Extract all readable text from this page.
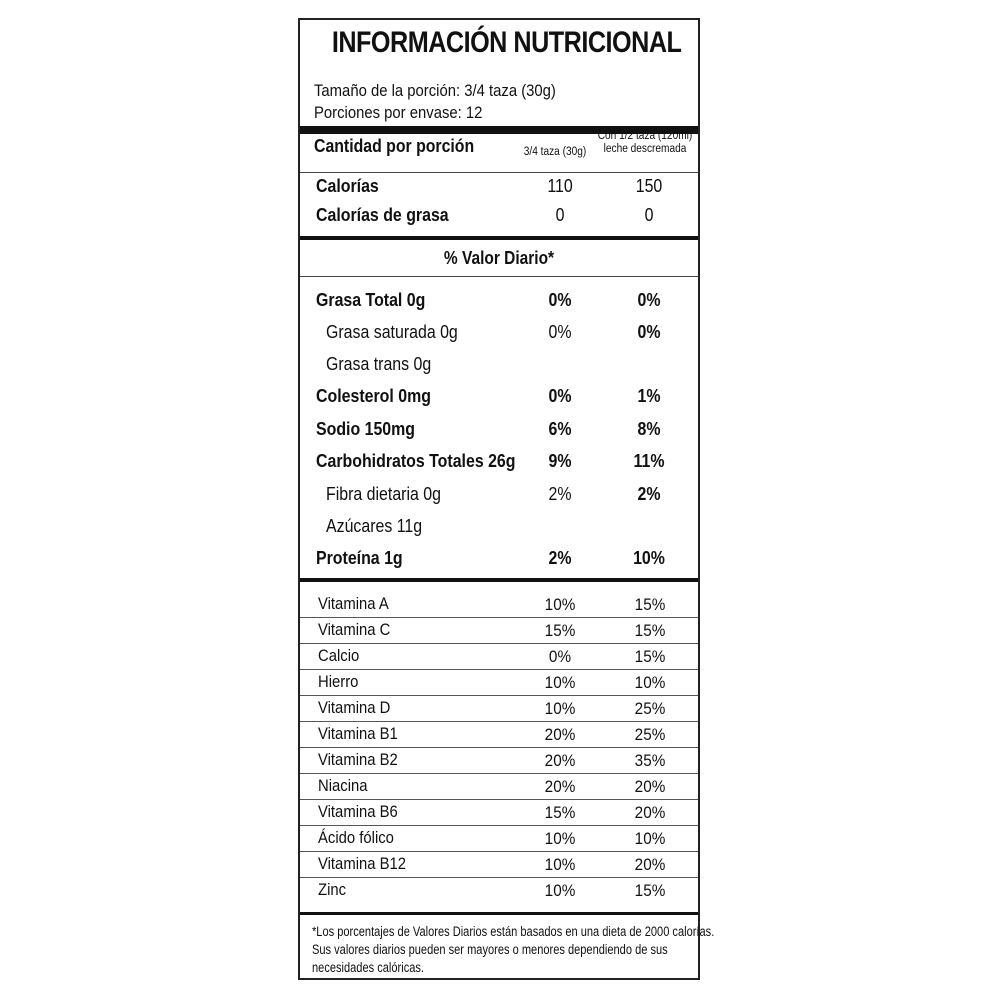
INFORMACIÓN NUTRICIONAL
Tamaño de la porción: 3/4 taza (30g)
Porciones por envase: 12
Cantidad por porción	3/4 taza (30g)
Con 1/2 taza (120ml)
leche descremada
Calorías	110	150
Calorías de grasa	0	0
% Valor Diario*
Grasa Total 0g	0%	0%
Grasa saturada 0g	0%	0%
Grasa trans 0g
Colesterol 0mg	0%	1%
Sodio 150mg	6%	8%
Carbohidratos Totales 26g	9%	11%
Fibra dietaria 0g	2%	2%
Azúcares 11g
Proteína 1g	2%	10%
Vitamina A	10%	15%
Vitamina C	15%	15%
Calcio	0%	15%
Hierro	10%	10%
Vitamina D	10%	25%
Vitamina B1	20%	25%
Vitamina B2	20%	35%
Niacina	20%	20%
Vitamina B6	15%	20%
Ácido fólico	10%	10%
Vitamina B12	10%	20%
Zinc	10%	15%
*Los porcentajes de Valores Diarios están basados en una dieta de 2000 calorías.
Sus valores diarios pueden ser mayores o menores dependiendo de sus
necesidades calóricas.
